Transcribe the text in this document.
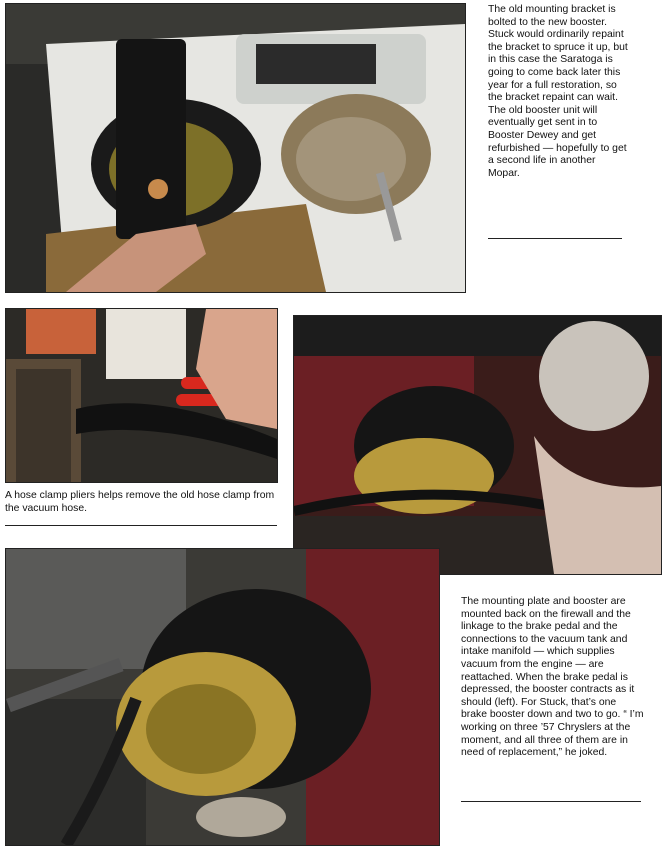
The old mounting bracket is bolted to the new booster. Stuck would ordinarily repaint the bracket to spruce it up, but in this case the Saratoga is going to come back later this year for a full restoration, so the bracket repaint can wait. The old booster unit will eventually get sent in to Booster Dewey and get refurbished — hopefully to get a second life in another Mopar.
A hose clamp pliers helps remove the old hose clamp from the vacuum hose.
The mounting plate and booster are mounted back on the firewall and the linkage to the brake pedal and the connections to the vacuum tank and intake manifold — which supplies vacuum from the engine — are reattached. When the brake pedal is depressed, the booster contracts as it should (left). For Stuck, that’s one brake booster down and two to go. “ I’m working on three ’57 Chryslers at the moment, and all three of them are in need of replacement,” he joked.
